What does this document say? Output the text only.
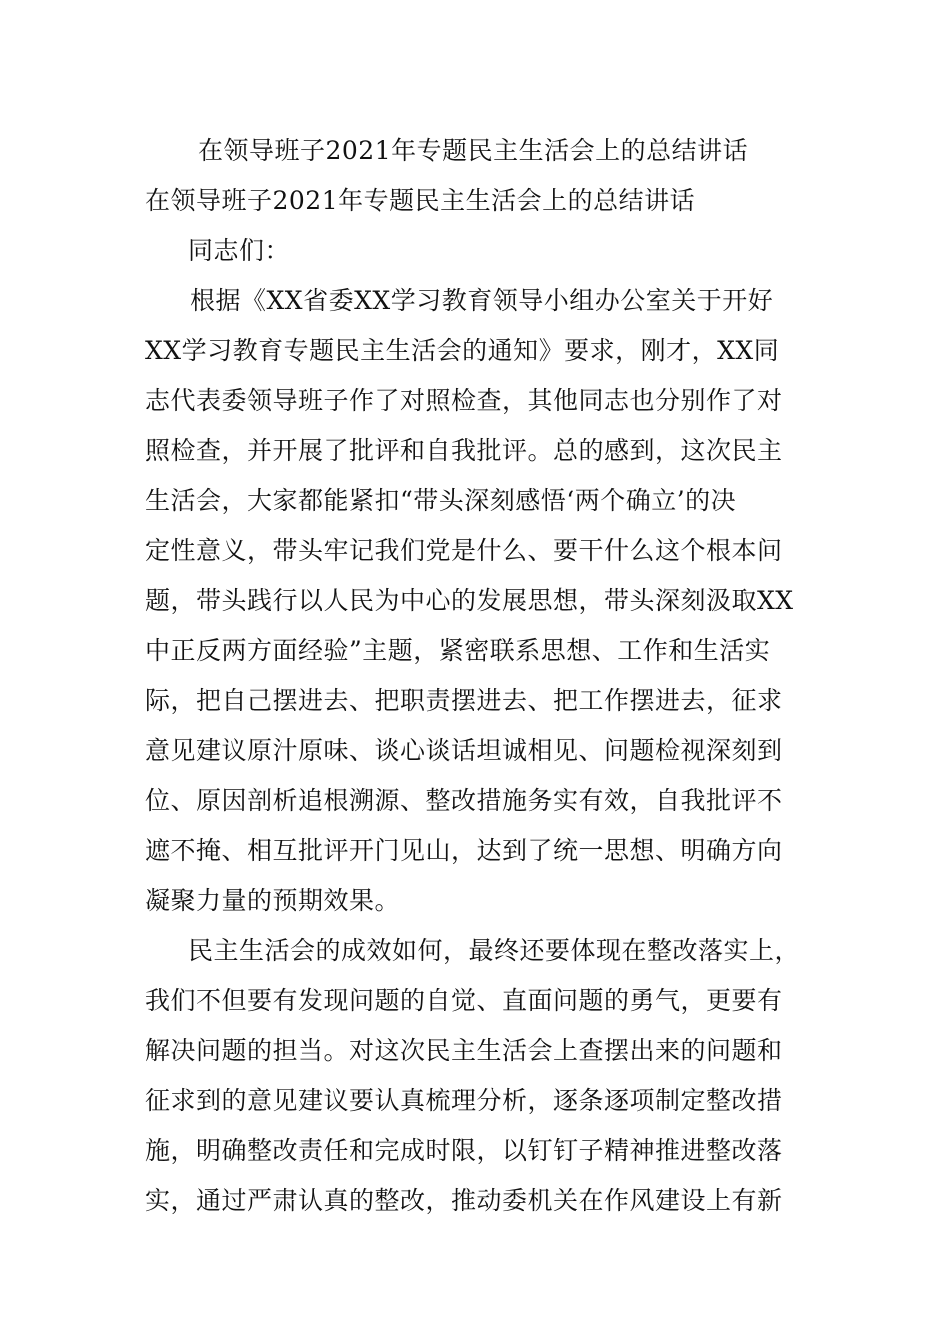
在领导班子2021年专题民主生活会上的总结讲话
在领导班子2021年专题民主生活会上的总结讲话
同志们：
根据《XX省委XX学习教育领导小组办公室关于开好
XX学习教育专题民主生活会的通知》要求，刚才，XX同
志代表委领导班子作了对照检查，其他同志也分别作了对
照检查，并开展了批评和自我批评。总的感到，这次民主
生活会，大家都能紧扣“带头深刻感悟‘两个确立’的决
定性意义，带头牢记我们党是什么、要干什么这个根本问
题，带头践行以人民为中心的发展思想，带头深刻汲取XX
中正反两方面经验”主题，紧密联系思想、工作和生活实
际，把自己摆进去、把职责摆进去、把工作摆进去，征求
意见建议原汁原味、谈心谈话坦诚相见、问题检视深刻到
位、原因剖析追根溯源、整改措施务实有效，自我批评不
遮不掩、相互批评开门见山，达到了统一思想、明确方向
凝聚力量的预期效果。
民主生活会的成效如何，最终还要体现在整改落实上，
我们不但要有发现问题的自觉、直面问题的勇气，更要有
解决问题的担当。对这次民主生活会上查摆出来的问题和
征求到的意见建议要认真梳理分析，逐条逐项制定整改措
施，明确整改责任和完成时限，以钉钉子精神推进整改落
实，通过严肃认真的整改，推动委机关在作风建设上有新
